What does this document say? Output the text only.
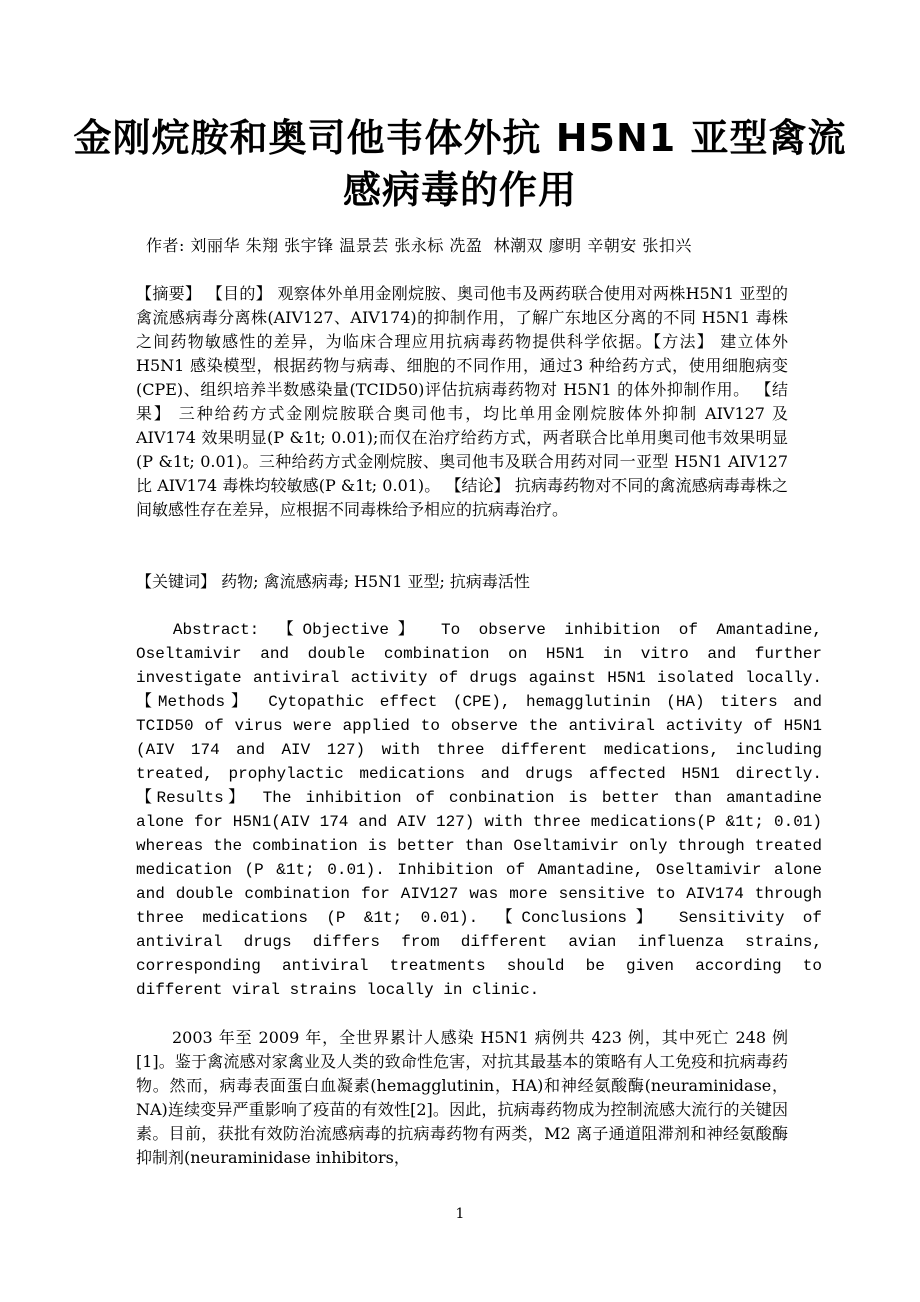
金刚烷胺和奥司他韦体外抗 H5N1 亚型禽流感病毒的作用
作者: 刘丽华 朱翔 张宇锋 温景芸 张永标 冼盈  林潮双 廖明 辛朝安 张扣兴
【摘要】 【目的】 观察体外单用金刚烷胺、奥司他韦及两药联合使用对两株H5N1 亚型的禽流感病毒分离株(AIV127、AIV174)的抑制作用，了解广东地区分离的不同 H5N1 毒株之间药物敏感性的差异，为临床合理应用抗病毒药物提供科学依据。【方法】 建立体外 H5N1 感染模型，根据药物与病毒、细胞的不同作用，通过3 种给药方式，使用细胞病变(CPE)、组织培养半数感染量(TCID50)评估抗病毒药物对 H5N1 的体外抑制作用。 【结果】 三种给药方式金刚烷胺联合奥司他韦，均比单用金刚烷胺体外抑制 AIV127 及 AIV174 效果明显(P &1t; 0.01);而仅在治疗给药方式，两者联合比单用奥司他韦效果明显(P &1t; 0.01)。三种给药方式金刚烷胺、奥司他韦及联合用药对同一亚型 H5N1 AIV127 比 AIV174 毒株均较敏感(P &1t; 0.01)。 【结论】 抗病毒药物对不同的禽流感病毒毒株之间敏感性存在差异，应根据不同毒株给予相应的抗病毒治疗。
【关键词】 药物; 禽流感病毒; H5N1 亚型; 抗病毒活性
Abstract: 【Objective】 To observe inhibition of Amantadine, Oseltamivir and double combination on H5N1 in vitro and further investigate antiviral activity of drugs against H5N1 isolated locally.【Methods】 Cytopathic effect (CPE), hemagglutinin (HA) titers and TCID50 of virus were applied to observe the antiviral activity of H5N1 (AIV 174 and AIV 127) with three different medications, including treated, prophylactic medications and drugs affected H5N1 directly. 【Results】 The inhibition of conbination is better than amantadine alone for H5N1(AIV 174 and AIV 127) with three medications(P &1t; 0.01) whereas the combination is better than Oseltamivir only through treated medication (P &1t; 0.01). Inhibition of Amantadine, Oseltamivir alone and double combination for AIV127 was more sensitive to AIV174 through three medications (P &1t; 0.01). 【Conclusions】 Sensitivity of antiviral drugs differs from different avian influenza strains, corresponding antiviral treatments should be given according to different viral strains locally in clinic.
2003 年至 2009 年，全世界累计人感染 H5N1 病例共 423 例，其中死亡 248 例[1]。鉴于禽流感对家禽业及人类的致命性危害，对抗其最基本的策略有人工免疫和抗病毒药物。然而，病毒表面蛋白血凝素(hemagglutinin，HA)和神经氨酸酶(neuraminidase，NA)连续变异严重影响了疫苗的有效性[2]。因此，抗病毒药物成为控制流感大流行的关键因素。目前，获批有效防治流感病毒的抗病毒药物有两类，M2 离子通道阻滞剂和神经氨酸酶抑制剂(neuraminidase inhibitors，
1
